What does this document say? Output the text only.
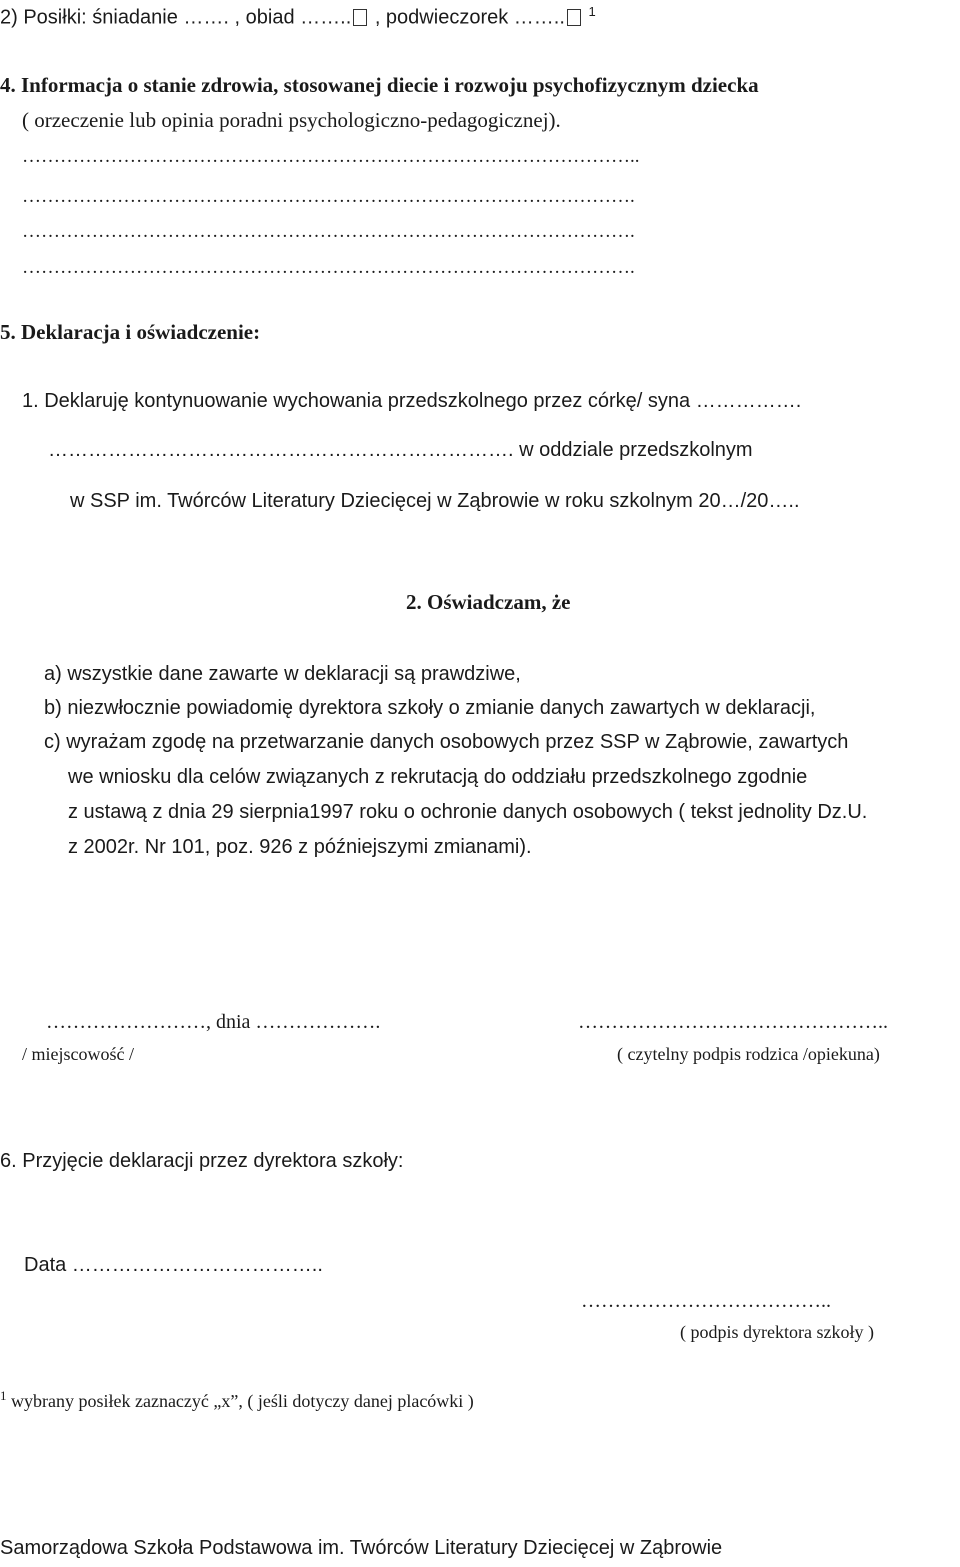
2) Posiłki: śniadanie ……. , obiad …….. , podwieczorek …….. $^1$
4. Informacja o stanie zdrowia, stosowanej diecie i rozwoju psychofizycznym dziecka
( orzeczenie lub opinia poradni psychologiczno-pedagogicznej).
……………………………………………………………………………………..
…………………………………………………………………………………….
…………………………………………………………………………………….
…………………………………………………………………………………….
5. Deklaracja i oświadczenie:
1. Deklaruję kontynuowanie wychowania przedszkolnego przez córkę/ syna …………….
……………………………………………………………. w oddziale przedszkolnym
w SSP im. Twórców Literatury Dziecięcej w Ząbrowie w roku szkolnym 20…/20…..
2. Oświadczam, że
a) wszystkie dane zawarte w deklaracji są prawdziwe,
b) niezwłocznie powiadomię dyrektora szkoły o zmianie danych zawartych w deklaracji,
c) wyrażam zgodę na przetwarzanie danych osobowych przez SSP w Ząbrowie, zawartych
we wniosku dla celów związanych z rekrutacją do oddziału przedszkolnego zgodnie
z ustawą z dnia 29 sierpnia1997 roku o ochronie danych osobowych ( tekst jednolity Dz.U.
z 2002r. Nr 101, poz. 926 z późniejszymi zmianami).
……………………, dnia ……………….	………………………………………..
/ miejscowość /	( czytelny podpis rodzica /opiekuna)
6. Przyjęcie deklaracji przez dyrektora szkoły:
Data ………………………………..
………………………………..
( podpis dyrektora szkoły )
$^1$ wybrany posiłek zaznaczyć „x”, ( jeśli dotyczy danej placówki )
Samorządowa Szkoła Podstawowa im. Twórców Literatury Dziecięcej w Ząbrowie
